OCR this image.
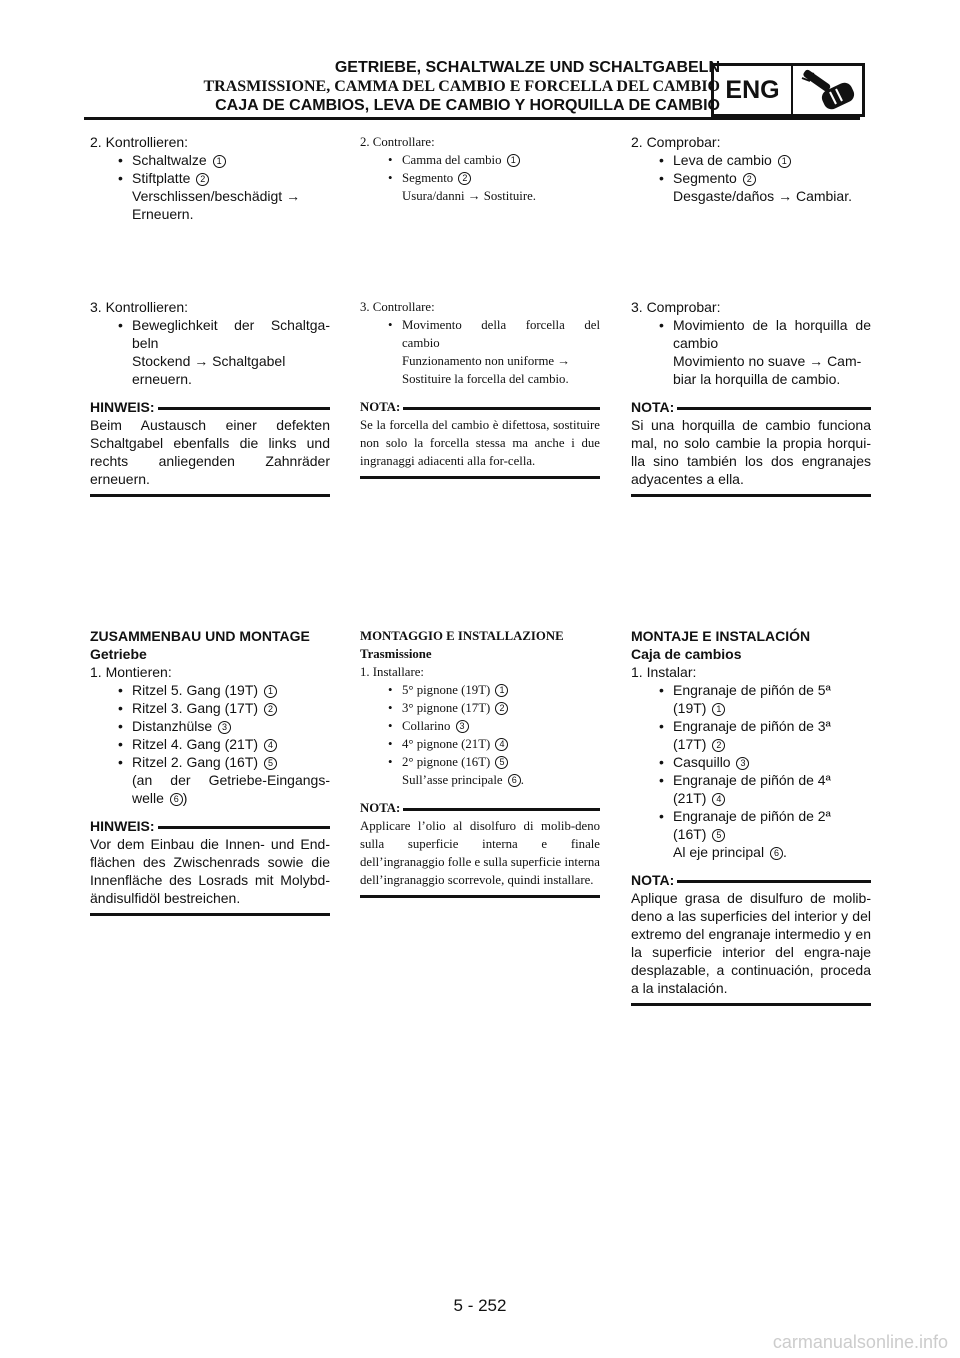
GETRIEBE, SCHALTWALZE UND SCHALTGABELN
TRASMISSIONE, CAMMA DEL CAMBIO E FORCELLA DEL CAMBIO
CAJA DE CAMBIOS, LEVA DE CAMBIO Y HORQUILLA DE CAMBIO
ENG

2. Kontrollieren:

• Schaltwalze 1

• Stiftplatte 2

Verschlissen/beschädigt →

Erneuern.

3. Kontrollieren:

• Beweglichkeit der Schaltga-

beln

Stockend → Schaltgabel

erneuern.

HINWEIS:

Beim Austausch einer defekten Schaltgabel ebenfalls die links und rechts anliegenden Zahnräder erneuern.

ZUSAMMENBAU UND MONTAGE

Getriebe

1. Montieren:

• Ritzel 5. Gang (19T) 1

• Ritzel 3. Gang (17T) 2

• Distanzhülse 3

• Ritzel 4. Gang (21T) 4

• Ritzel 2. Gang (16T) 5

(an der Getriebe-Eingangs-

welle 6 )

HINWEIS:

Vor dem Einbau die Innen- und End-flächen des Zwischenrads sowie die Innenfläche des Losrads mit Molybd-ändisulfidöl bestreichen.

2. Controllare:

• Camma del cambio 1

• Segmento 2

Usura/danni → Sostituire.

3. Controllare:

• Movimento della forcella del

cambio

Funzionamento non uniforme →

Sostituire la forcella del cambio.

NOTA:

Se la forcella del cambio è difettosa, sostituire non solo la forcella stessa ma anche i due ingranaggi adiacenti alla for-cella.

MONTAGGIO E INSTALLAZIONE

Trasmissione

1. Installare:

• 5° pignone (19T) 1

• 3° pignone (17T) 2

• Collarino 3

• 4° pignone (21T) 4

• 2° pignone (16T) 5

Sull’asse principale 6 .

NOTA:

Applicare l’olio al disolfuro di molib-deno sulla superficie interna e finale dell’ingranaggio folle e sulla superficie interna dell’ingranaggio scorrevole, quindi installare.

2. Comprobar:

• Leva de cambio 1

• Segmento 2

Desgaste/daños → Cambiar.

3. Comprobar:

• Movimiento de la horquilla de

cambio

Movimiento no suave → Cam-

biar la horquilla de cambio.

NOTA:

Si una horquilla de cambio funciona mal, no solo cambie la propia horqui-lla sino también los dos engranajes adyacentes a ella.

MONTAJE E INSTALACIÓN

Caja de cambios

1. Instalar:

• Engranaje de piñón de 5ª

(19T) 1

• Engranaje de piñón de 3ª

(17T) 2

• Casquillo 3

• Engranaje de piñón de 4ª

(21T) 4

• Engranaje de piñón de 2ª

(16T) 5

Al eje principal 6 .

NOTA:

Aplique grasa de disulfuro de molib-deno a las superficies del interior y del extremo del engranaje intermedio y en la superficie interior del engra-naje desplazable, a continuación, proceda a la instalación.

5 - 252
carmanualsonline.info
